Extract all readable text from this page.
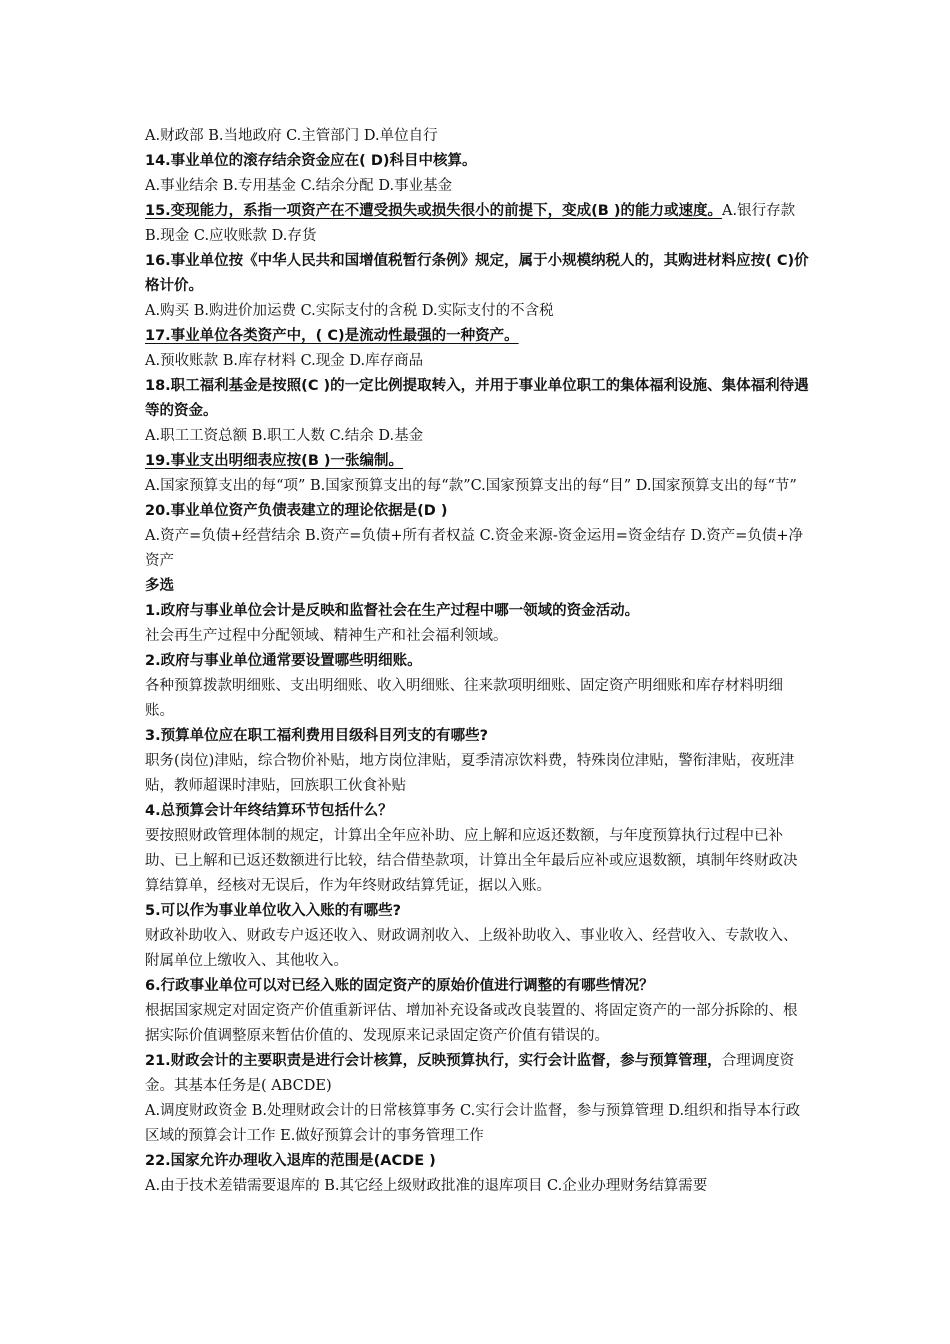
A.财政部 B.当地政府 C.主管部门 D.单位自行

14.事业单位的滚存结余资金应在( D)科目中核算。

A.事业结余 B.专用基金 C.结余分配 D.事业基金

15.变现能力，系指一项资产在不遭受损失或损失很小的前提下，变成(B )的能力或速度。A.银行存款 B.现金 C.应收账款 D.存货

16.事业单位按《中华人民共和国增值税暂行条例》规定，属于小规模纳税人的，其购进材料应按( C)价格计价。

A.购买 B.购进价加运费 C.实际支付的含税 D.实际支付的不含税

17.事业单位各类资产中，( C)是流动性最强的一种资产。

A.预收账款 B.库存材料 C.现金 D.库存商品

18.职工福利基金是按照(C )的一定比例提取转入，并用于事业单位职工的集体福利设施、集体福利待遇等的资金。

A.职工工资总额 B.职工人数 C.结余 D.基金

19.事业支出明细表应按(B )一张编制。

A.国家预算支出的每“项” B.国家预算支出的每“款”C.国家预算支出的每“目” D.国家预算支出的每“节”

20.事业单位资产负债表建立的理论依据是(D )

A.资产=负债+经营结余 B.资产=负债+所有者权益 C.资金来源-资金运用=资金结存 D.资产=负债+净资产

多选

1.政府与事业单位会计是反映和监督社会在生产过程中哪一领域的资金活动。

社会再生产过程中分配领域、精神生产和社会福利领域。

2.政府与事业单位通常要设置哪些明细账。

各种预算拨款明细账、支出明细账、收入明细账、往来款项明细账、固定资产明细账和库存材料明细账。

3.预算单位应在职工福利费用目级科目列支的有哪些?

职务(岗位)津贴，综合物价补贴，地方岗位津贴，夏季清凉饮料费，特殊岗位津贴，警衔津贴，夜班津贴，教师超课时津贴，回族职工伙食补贴

4.总预算会计年终结算环节包括什么？

要按照财政管理体制的规定，计算出全年应补助、应上解和应返还数额，与年度预算执行过程中已补助、已上解和已返还数额进行比较，结合借垫款项，计算出全年最后应补或应退数额，填制年终财政决算结算单，经核对无误后，作为年终财政结算凭证，据以入账。

5.可以作为事业单位收入入账的有哪些?

财政补助收入、财政专户返还收入、财政调剂收入、上级补助收入、事业收入、经营收入、专款收入、附属单位上缴收入、其他收入。

6.行政事业单位可以对已经入账的固定资产的原始价值进行调整的有哪些情况？

根据国家规定对固定资产价值重新评估、增加补充设备或改良装置的、将固定资产的一部分拆除的、根据实际价值调整原来暂估价值的、发现原来记录固定资产价值有错误的。

21.财政会计的主要职责是进行会计核算，反映预算执行，实行会计监督，参与预算管理，合理调度资金。其基本任务是( ABCDE)

A.调度财政资金 B.处理财政会计的日常核算事务 C.实行会计监督，参与预算管理 D.组织和指导本行政区域的预算会计工作 E.做好预算会计的事务管理工作

22.国家允许办理收入退库的范围是(ACDE )

A.由于技术差错需要退库的 B.其它经上级财政批准的退库项目 C.企业办理财务结算需要
